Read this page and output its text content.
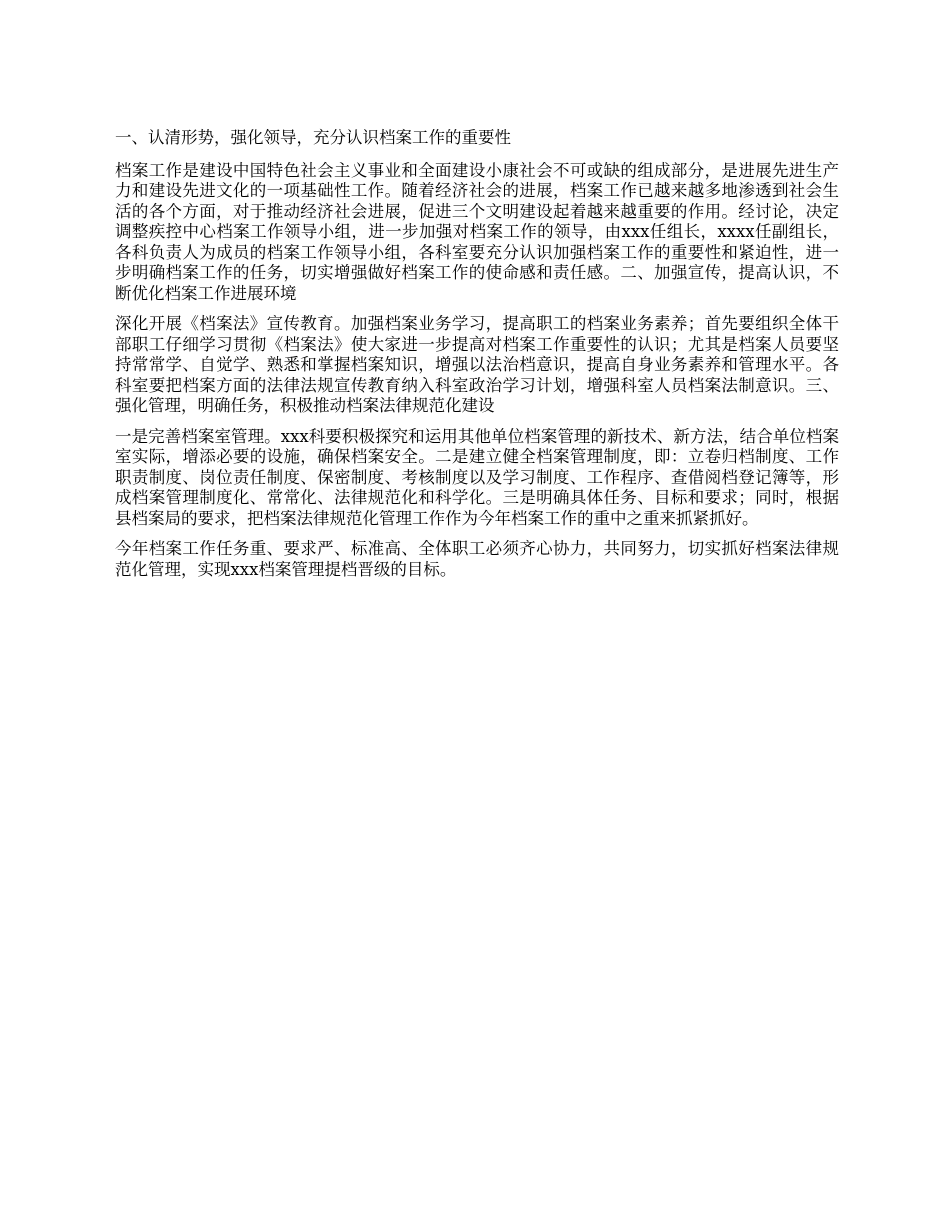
一、认清形势，强化领导，充分认识档案工作的重要性

档案工作是建设中国特色社会主义事业和全面建设小康社会不可或缺的组成部分，是进展先进生产力和建设先进文化的一项基础性工作。随着经济社会的进展，档案工作已越来越多地渗透到社会生活的各个方面，对于推动经济社会进展，促进三个文明建设起着越来越重要的作用。经讨论，决定调整疾控中心档案工作领导小组，进一步加强对档案工作的领导，由xxx任组长，xxxx任副组长，各科负责人为成员的档案工作领导小组，各科室要充分认识加强档案工作的重要性和紧迫性，进一步明确档案工作的任务，切实增强做好档案工作的使命感和责任感。二、加强宣传，提高认识，不断优化档案工作进展环境

深化开展《档案法》宣传教育。加强档案业务学习，提高职工的档案业务素养；首先要组织全体干部职工仔细学习贯彻《档案法》使大家进一步提高对档案工作重要性的认识；尤其是档案人员要坚持常常学、自觉学、熟悉和掌握档案知识，增强以法治档意识，提高自身业务素养和管理水平。各科室要把档案方面的法律法规宣传教育纳入科室政治学习计划，增强科室人员档案法制意识。三、强化管理，明确任务，积极推动档案法律规范化建设

一是完善档案室管理。xxx科要积极探究和运用其他单位档案管理的新技术、新方法，结合单位档案室实际，增添必要的设施，确保档案安全。二是建立健全档案管理制度，即：立卷归档制度、工作职责制度、岗位责任制度、保密制度、考核制度以及学习制度、工作程序、查借阅档登记簿等，形成档案管理制度化、常常化、法律规范化和科学化。三是明确具体任务、目标和要求；同时，根据县档案局的要求，把档案法律规范化管理工作作为今年档案工作的重中之重来抓紧抓好。

今年档案工作任务重、要求严、标准高、全体职工必须齐心协力，共同努力，切实抓好档案法律规范化管理，实现xxx档案管理提档晋级的目标。
